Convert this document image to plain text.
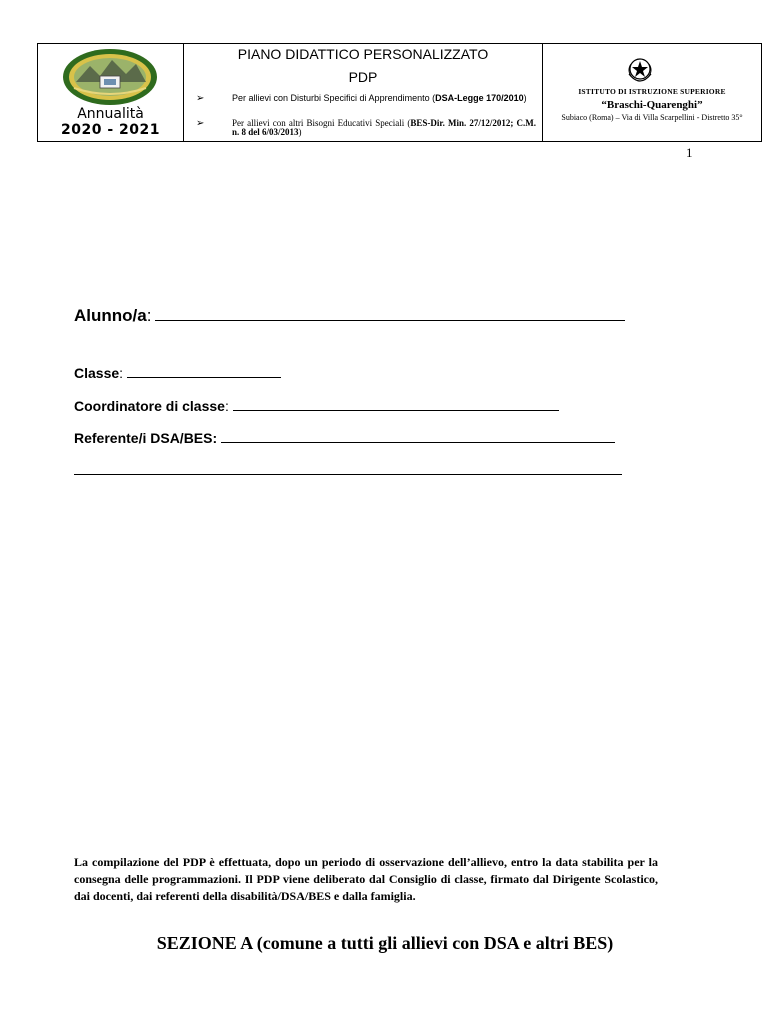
Annualità
2020 - 2021
PIANO DIDATTICO PERSONALIZZATO
PDP
➢	Per allievi con Disturbi Specifici di Apprendimento (DSA-Legge 170/2010)
➢	Per allievi con altri Bisogni Educativi Speciali (BES-Dir. Min. 27/12/2012; C.M. n. 8 del 6/03/2013)
ISTITUTO DI ISTRUZIONE SUPERIORE
“Braschi-Quarenghi”
Subiaco (Roma) – Via di Villa Scarpellini - Distretto 35°
1
Alunno/a:
Classe:
Coordinatore di classe:
Referente/i DSA/BES:
La compilazione del PDP è effettuata, dopo un periodo di osservazione dell’allievo, entro la data stabilita per la consegna delle programmazioni. Il PDP viene deliberato dal Consiglio di classe, firmato dal Dirigente Scolastico, dai docenti, dai referenti della disabilità/DSA/BES e dalla famiglia.
SEZIONE A (comune a tutti gli allievi con DSA e altri BES)
